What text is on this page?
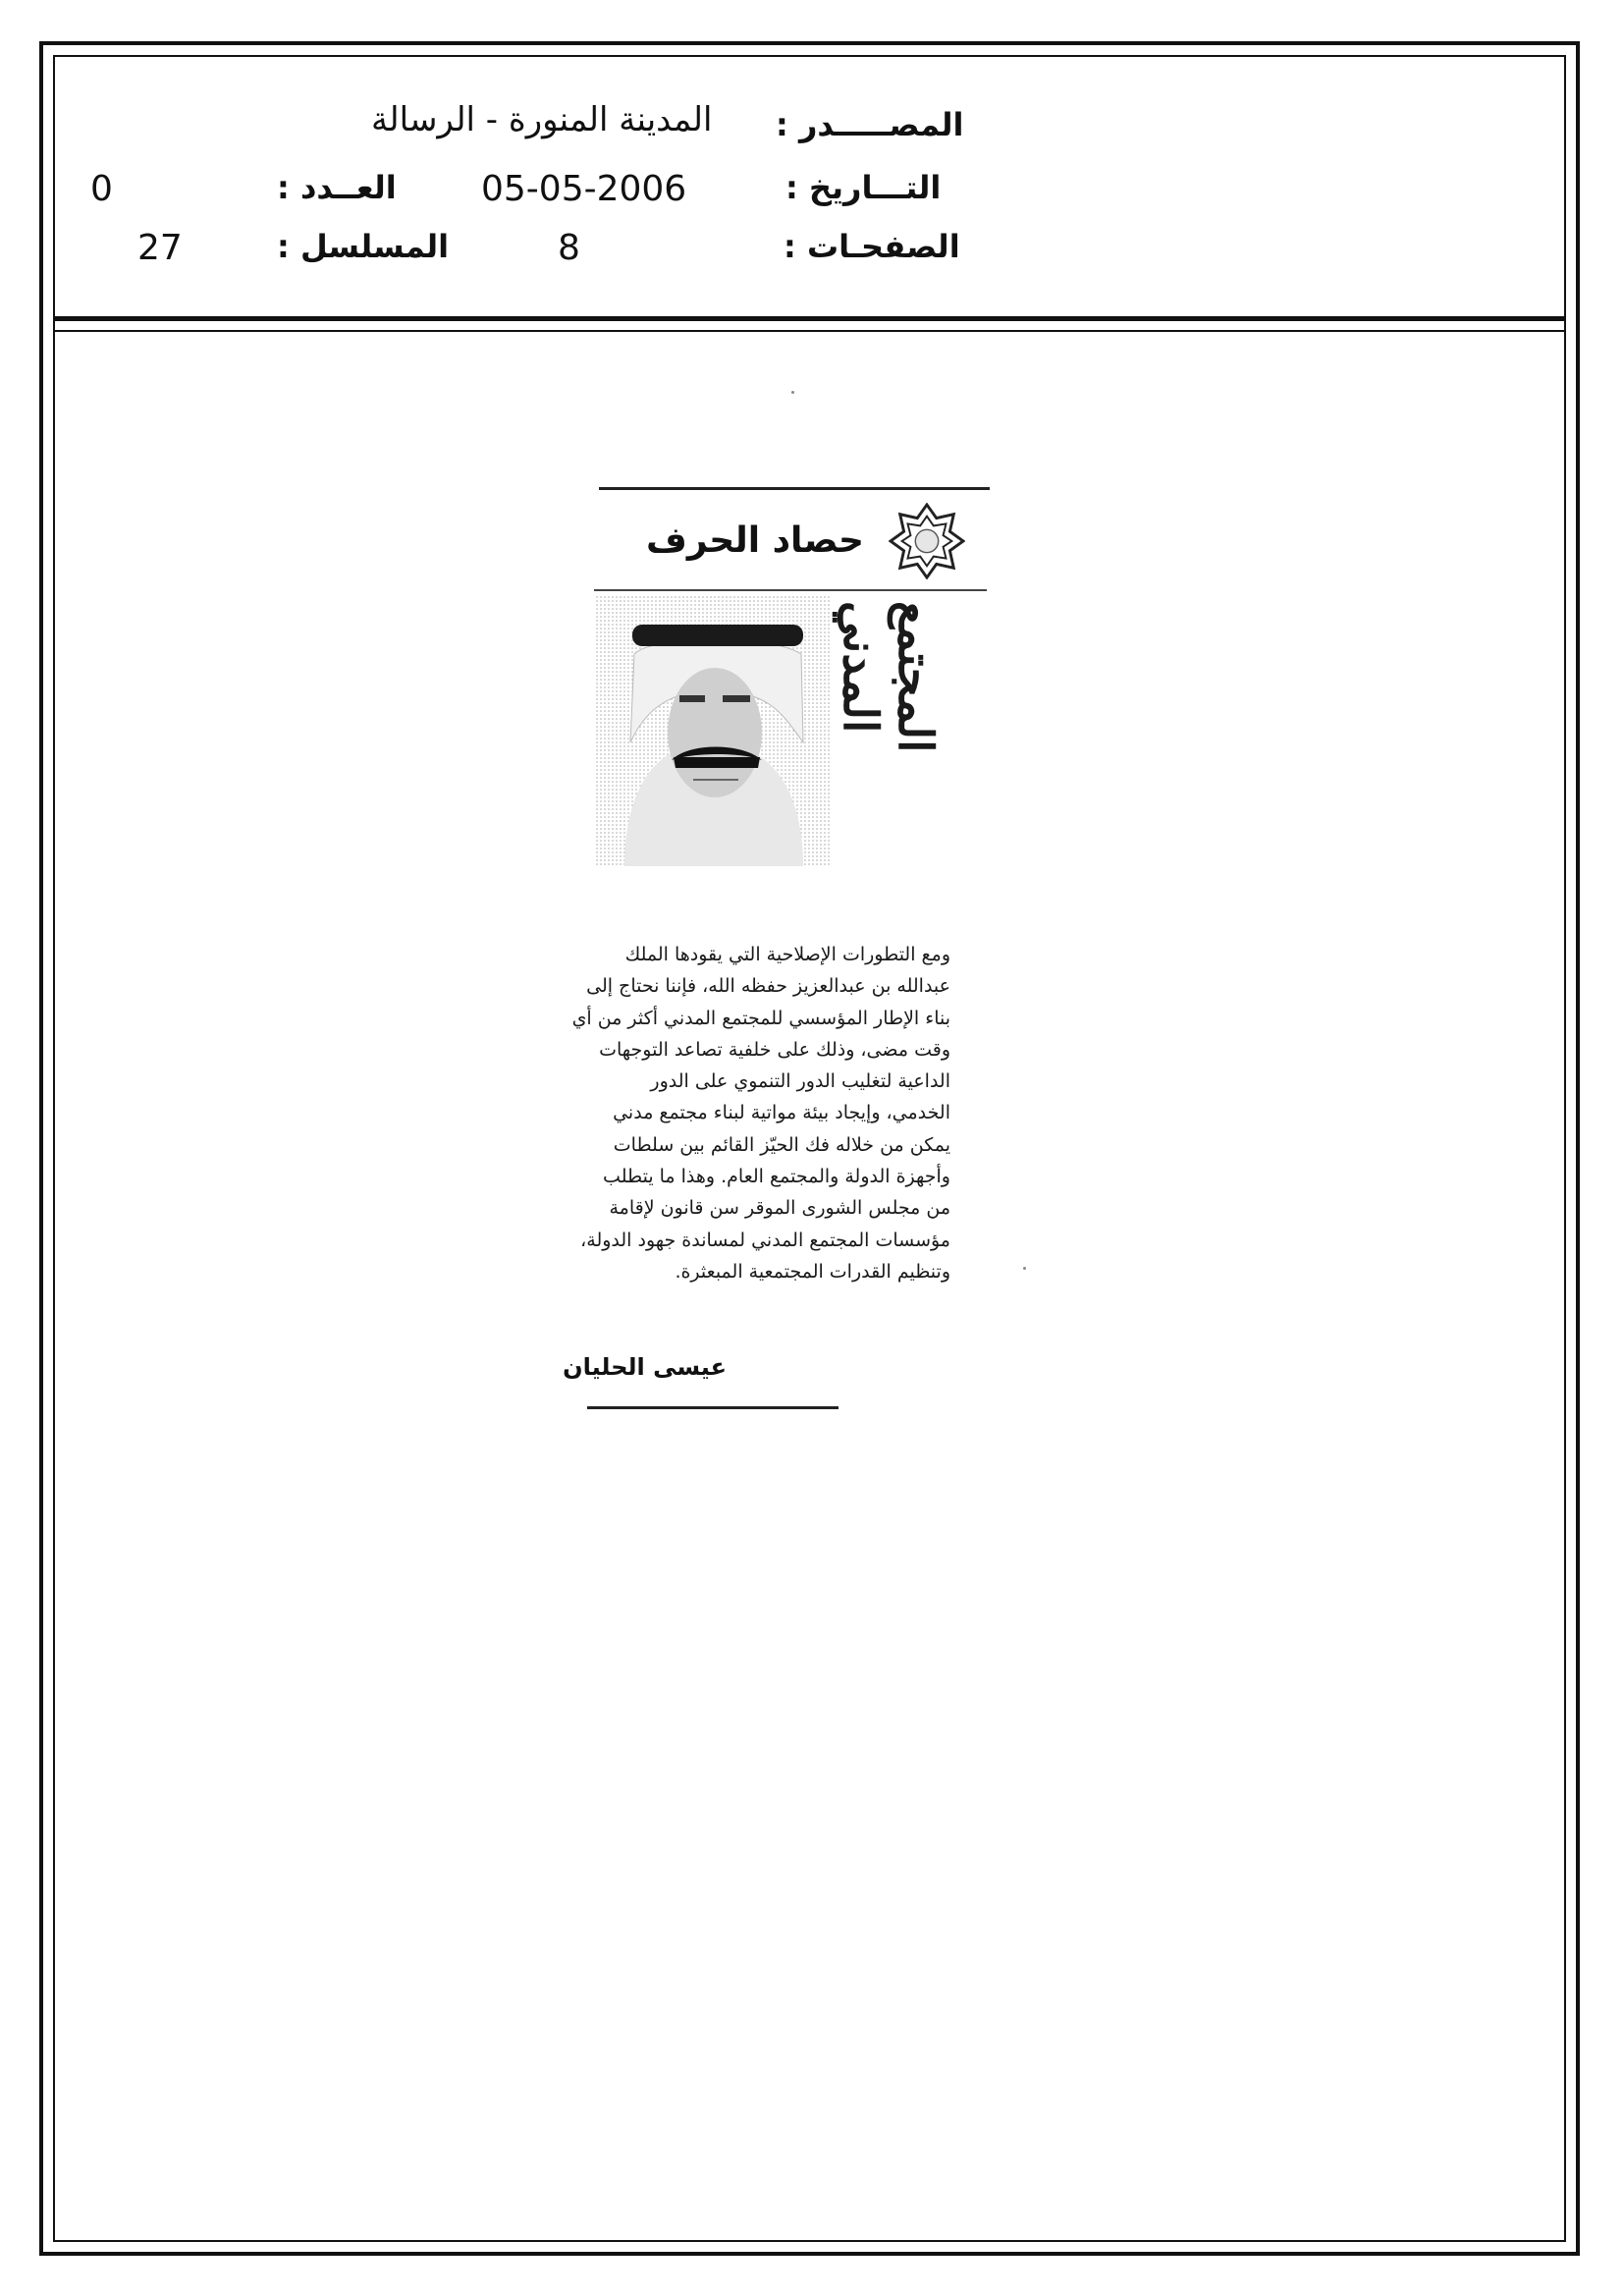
المصـــــدر :
المدينة المنورة - الرسالة
التـــاريخ :
05-05-2006
العــدد :
0
الصفحـات :
8
المسلسل :
27
حصاد الحرف
المجتمع المدني
ومع التطورات الإصلاحية التي يقودها الملك
عبدالله بن عبدالعزيز حفظه الله، فإننا نحتاج إلى
بناء الإطار المؤسسي للمجتمع المدني أكثر من أي
وقت مضى، وذلك على خلفية تصاعد التوجهات
الداعية لتغليب الدور التنموي على الدور
الخدمي، وإيجاد بيئة مواتية لبناء مجتمع مدني
يمكن من خلاله فك الحيّز القائم بين سلطات
وأجهزة الدولة والمجتمع العام. وهذا ما يتطلب
من مجلس الشورى الموقر سن قانون لإقامة
مؤسسات المجتمع المدني لمساندة جهود الدولة،
وتنظيم القدرات المجتمعية المبعثرة.
عيسى الحليان
